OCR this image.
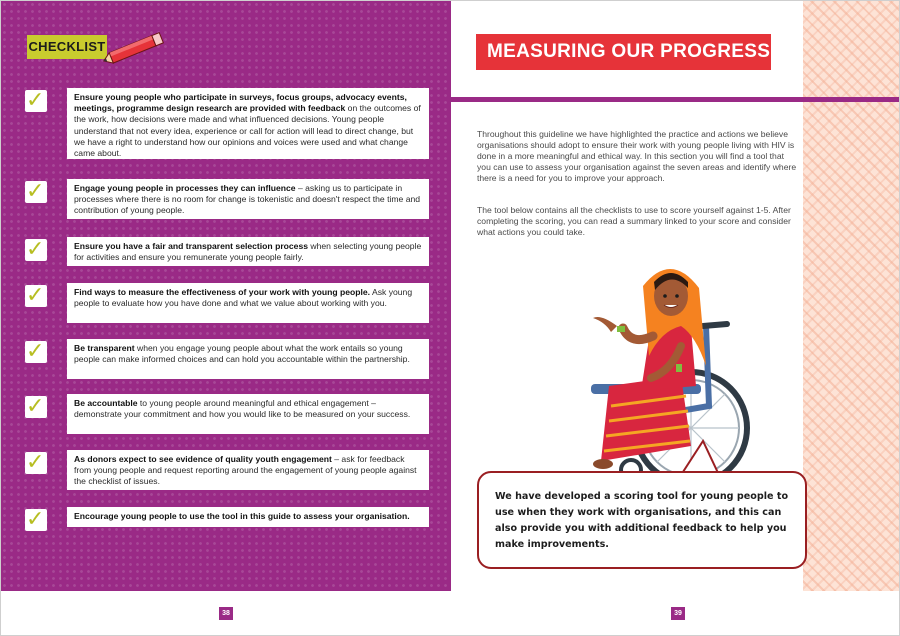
CHECKLIST
✓	Ensure young people who participate in surveys, focus groups, advocacy events, meetings, programme design research are provided with feedback on the outcomes of the work, how decisions were made and what influenced decisions. Young people understand that not every idea, experience or call for action will lead to direct change, but we have a right to understand how our opinions and voices were used and what change came about.
✓	Engage young people in processes they can influence – asking us to participate in processes where there is no room for change is tokenistic and doesn't respect the time and contribution of young people.
✓	Ensure you have a fair and transparent selection process when selecting young people for activities and ensure you remunerate young people fairly.
✓	Find ways to measure the effectiveness of your work with young people. Ask young people to evaluate how you have done and what we value about working with you.
✓	Be transparent when you engage young people about what the work entails so young people can make informed choices and can hold you accountable within the partnership.
✓	Be accountable to young people around meaningful and ethical engagement – demonstrate your commitment and how you would like to be measured on your success.
✓	As donors expect to see evidence of quality youth engagement – ask for feedback from young people and request reporting around the engagement of young people against the checklist of issues.
✓	Encourage young people to use the tool in this guide to assess your organisation.
38
MEASURING OUR PROGRESS
Throughout this guideline we have highlighted the practice and actions we believe organisations should adopt to ensure their work with young people living with HIV is done in a more meaningful and ethical way. In this section you will find a tool that you can use to assess your organisation against the seven areas and identify where there is a need for you to improve your approach.
The tool below contains all the checklists to use to score yourself against 1-5. After completing the scoring, you can read a summary linked to your score and consider what actions you could take.
We have developed a scoring tool for young people to use when they work with organisations, and this can also provide you with additional feedback to help you make improvements.
39
